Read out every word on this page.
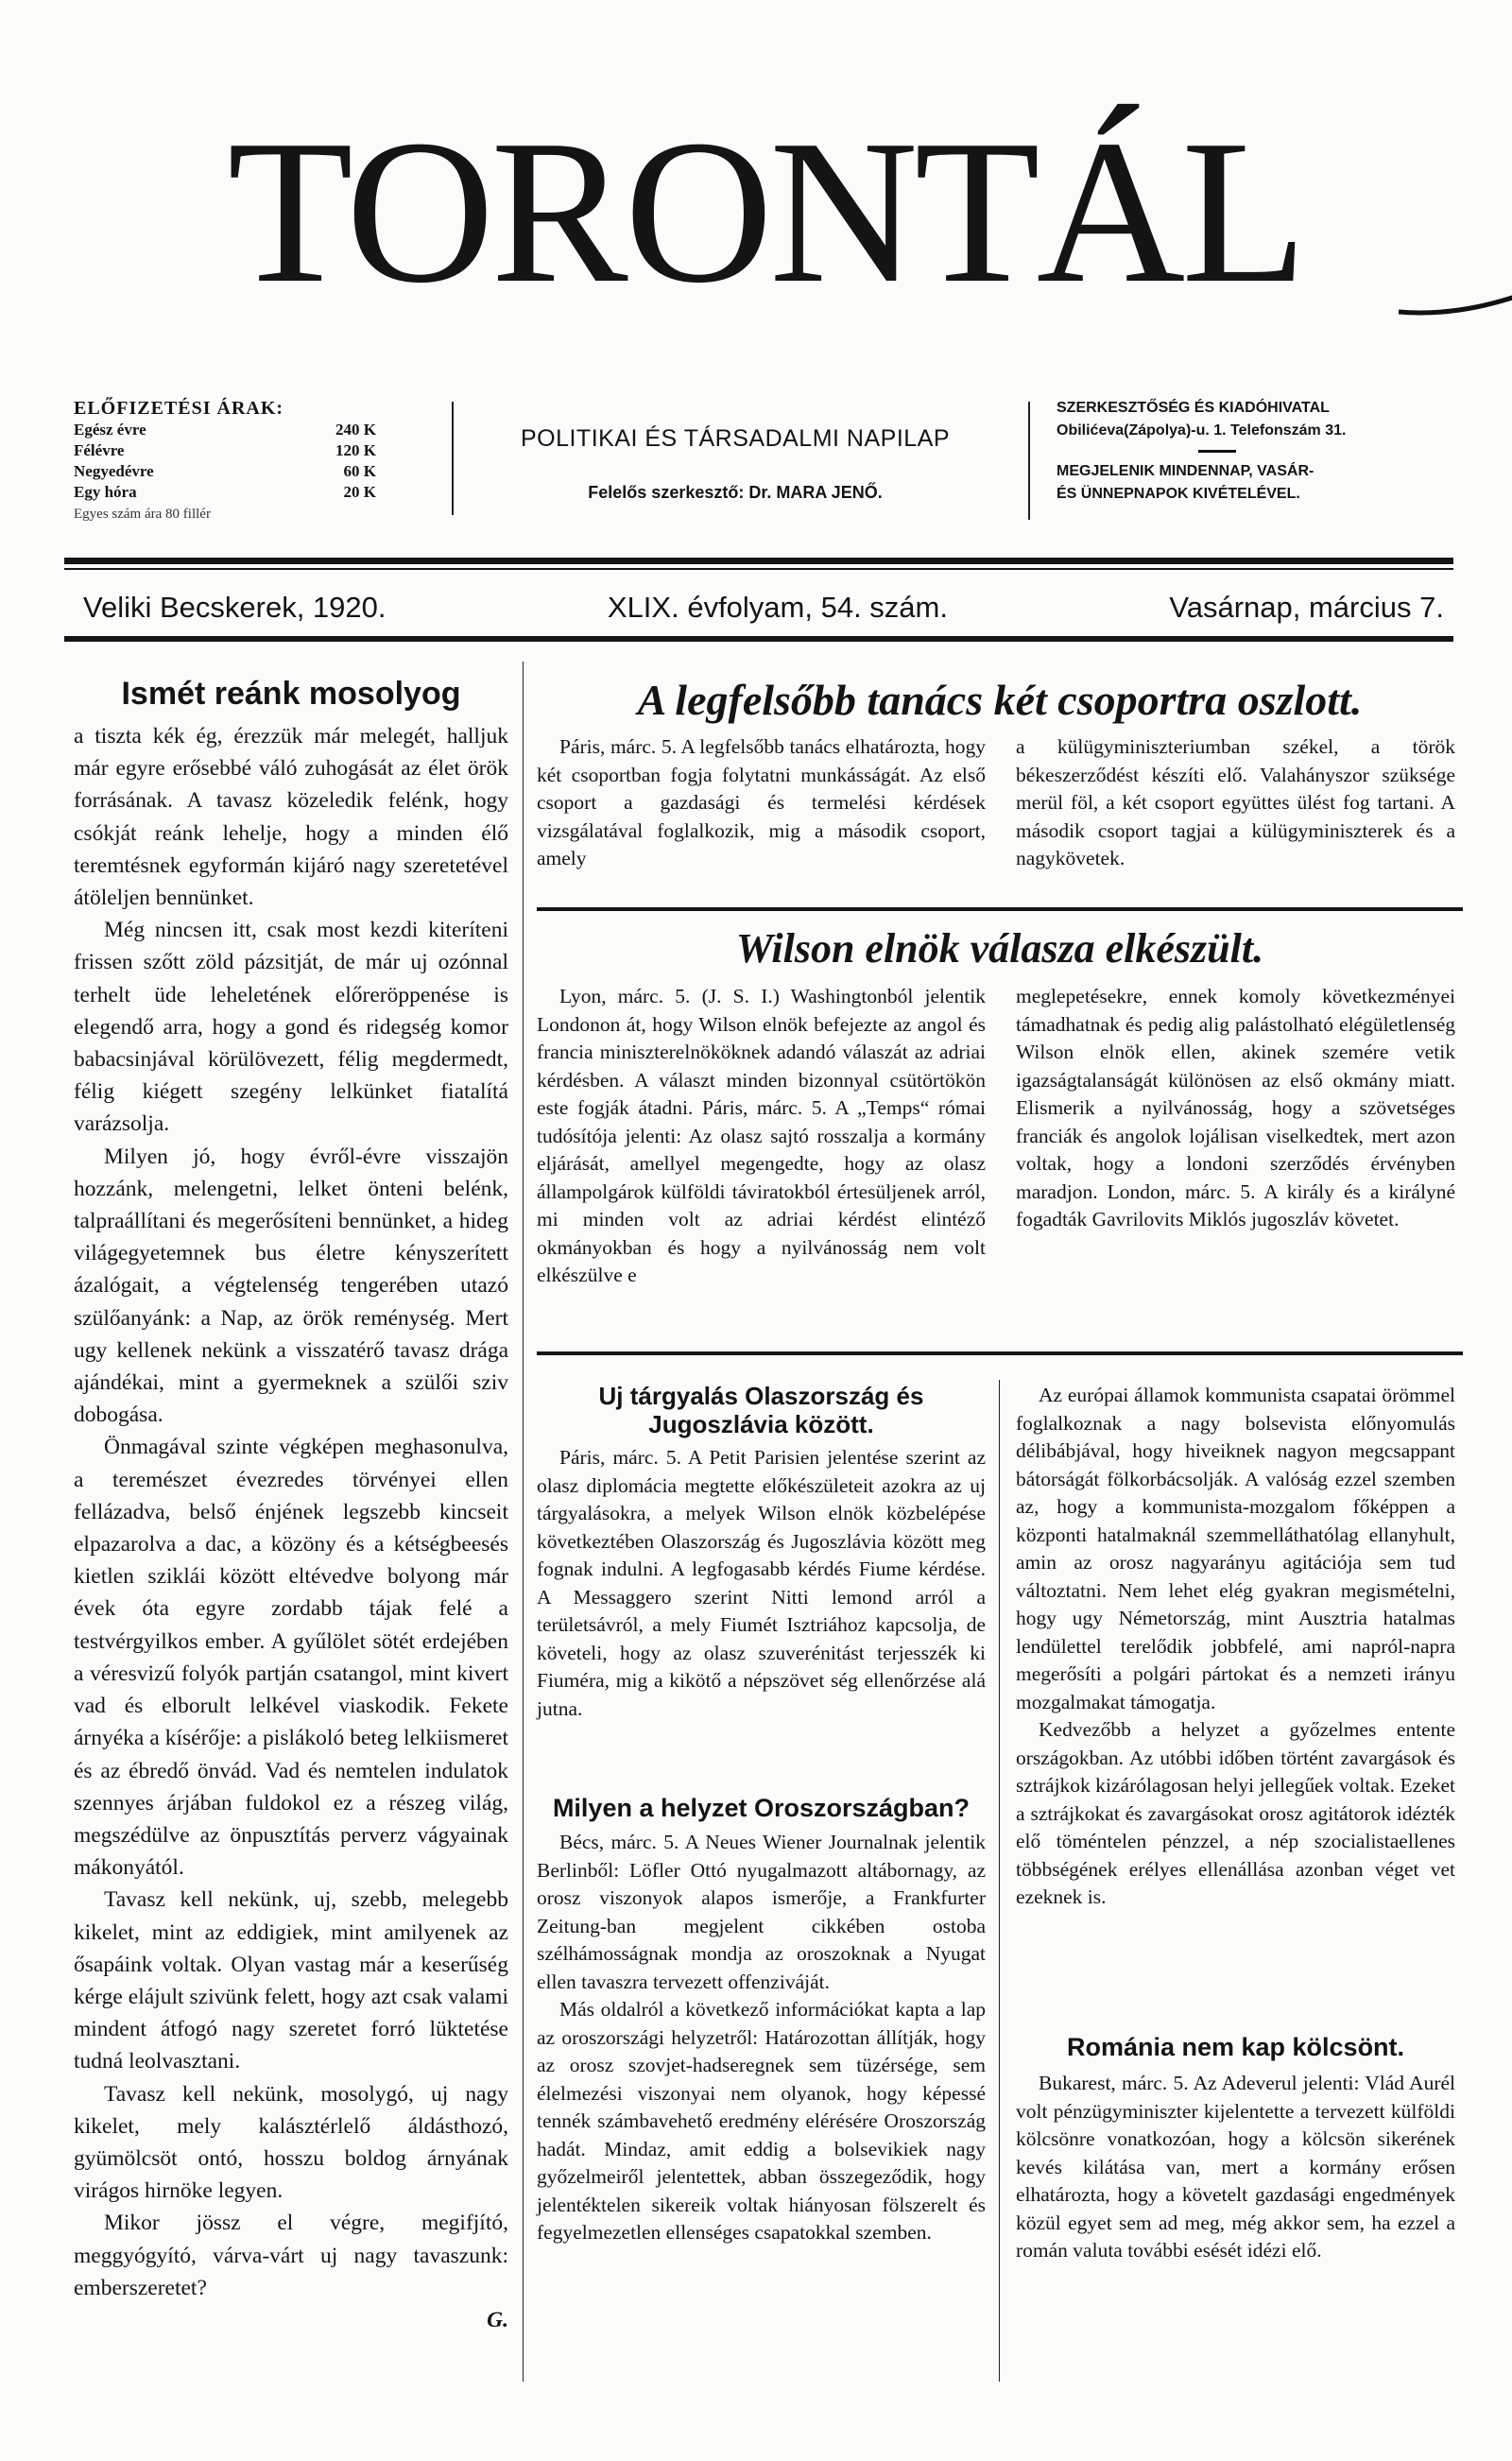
TORONTÁL
ELŐFIZETÉSI ÁRAK:
Egész évre	240 K
Félévre	120 K
Negyedévre	60 K
Egy hóra	20 K
Egyes szám ára 80 fillér
POLITIKAI ÉS TÁRSADALMI NAPILAP
Felelős szerkesztő: Dr. MARA JENŐ.
SZERKESZTŐSÉG ÉS KIADÓHIVATAL
Obilićeva(Zápolya)-u. 1. Telefonszám 31.
MEGJELENIK MINDENNAP, VASÁR-
ÉS ÜNNEPNAPOK KIVÉTELÉVEL.
Veliki Becskerek, 1920.	XLIX. évfolyam, 54. szám.	Vasárnap, március 7.
Ismét reánk mosolyog

a tiszta kék ég, érezzük már melegét, halljuk már egyre erősebbé váló zuhogását az élet örök forrásának. A tavasz közeledik felénk, hogy csókját reánk lehelje, hogy a minden élő teremtésnek egyformán kijáró nagy szeretetével átöleljen bennünket.

Még nincsen itt, csak most kezdi kiteríteni frissen szőtt zöld pázsitját, de már uj ozónnal terhelt üde leheletének előreröppenése is elegendő arra, hogy a gond és ridegség komor babacsinjával körülövezett, félig megdermedt, félig kiégett szegény lelkünket fiatalítá varázsolja.

Milyen jó, hogy évről-évre visszajön hozzánk, melengetni, lelket önteni belénk, talpraállítani és megerősíteni bennünket, a hideg világegyetemnek bus életre kényszerített ázalógait, a végtelenség tengerében utazó szülőanyánk: a Nap, az örök reménység. Mert ugy kellenek nekünk a visszatérő tavasz drága ajándékai, mint a gyermeknek a szülői sziv dobogása.

Önmagával szinte végképen meghasonulva, a teremészet évezredes törvényei ellen fellázadva, belső énjének legszebb kincseit elpazarolva a dac, a közöny és a kétségbeesés kietlen sziklái között eltévedve bolyong már évek óta egyre zordabb tájak felé a testvérgyilkos ember. A gyűlölet sötét erdejében a véresvizű folyók partján csatangol, mint kivert vad és elborult lelkével viaskodik. Fekete árnyéka a kísérője: a pislákoló beteg lelkiismeret és az ébredő önvád. Vad és nemtelen indulatok szennyes árjában fuldokol ez a részeg világ, megszédülve az önpusztítás perverz vágyainak mákonyától.

Tavasz kell nekünk, uj, szebb, melegebb kikelet, mint az eddigiek, mint amilyenek az ősapáink voltak. Olyan vastag már a keserűség kérge elájult szivünk felett, hogy azt csak valami mindent átfogó nagy szeretet forró lüktetése tudná leolvasztani.

Tavasz kell nekünk, mosolygó, uj nagy kikelet, mely kalásztérlelő áldásthozó, gyümölcsöt ontó, hosszu boldog árnyának virágos hirnöke legyen.

Mikor jössz el végre, megifjító, meggyógyító, várva-várt uj nagy tavaszunk: emberszeretet?

G.
A legfelsőbb tanács két csoportra oszlott.

Páris, márc. 5. A legfelsőbb tanács elhatározta, hogy két csoportban fogja folytatni munkásságát. Az első csoport a gazdasági és termelési kérdések vizsgálatával foglalkozik, mig a második csoport, amely

a külügyminiszteriumban székel, a török békeszerződést készíti elő. Valahányszor szüksége merül föl, a két csoport együttes ülést fog tartani. A második csoport tagjai a külügyminiszterek és a nagykövetek.

Wilson elnök válasza elkészült.

Lyon, márc. 5. (J. S. I.) Washingtonból jelentik Londonon át, hogy Wilson elnök befejezte az angol és francia miniszterelnököknek adandó válaszát az adriai kérdésben. A választ minden bizonnyal csütörtökön este fogják átadni. Páris, márc. 5. A „Temps“ római tudósítója jelenti: Az olasz sajtó rosszalja a kormány eljárását, amellyel megengedte, hogy az olasz állampolgárok külföldi táviratokból értesüljenek arról, mi minden volt az adriai kérdést elintéző okmányokban és hogy a nyilvánosság nem volt elkészülve e

meglepetésekre, ennek komoly következményei támadhatnak és pedig alig palástolható elégületlenség Wilson elnök ellen, akinek szemére vetik igazságtalanságát különösen az első okmány miatt. Elismerik a nyilvánosság, hogy a szövetséges franciák és angolok lojálisan viselkedtek, mert azon voltak, hogy a londoni szerződés érvényben maradjon. London, márc. 5. A király és a királyné fogadták Gavrilovits Miklós jugoszláv követet.

Uj tárgyalás Olaszország és Jugoszlávia között.

Páris, márc. 5. A Petit Parisien jelentése szerint az olasz diplomácia megtette előkészületeit azokra az uj tárgyalásokra, a melyek Wilson elnök közbelépése következtében Olaszország és Jugoszlávia között meg fognak indulni. A legfogasabb kérdés Fiume kérdése. A Messaggero szerint Nitti lemond arról a területsávról, a mely Fiumét Isztriához kapcsolja, de követeli, hogy az olasz szuverénitást terjesszék ki Fiuméra, mig a kikötő a népszövet ség ellenőrzése alá jutna.

Milyen a helyzet Oroszországban?

Bécs, márc. 5. A Neues Wiener Journalnak jelentik Berlinből: Löfler Ottó nyugalmazott altábornagy, az orosz viszonyok alapos ismerője, a Frankfurter Zeitung-ban megjelent cikkében ostoba szélhámosságnak mondja az oroszoknak a Nyugat ellen tavaszra tervezett offenziváját.

Más oldalról a következő információkat kapta a lap az oroszországi helyzetről: Határozottan állítják, hogy az orosz szovjet-hadseregnek sem tüzérsége, sem élelmezési viszonyai nem olyanok, hogy képessé tennék számbavehető eredmény elérésére Oroszország hadát. Mindaz, amit eddig a bolsevikiek nagy győzelmeiről jelentettek, abban összegeződik, hogy jelentéktelen sikereik voltak hiányosan fölszerelt és fegyelmezetlen ellenséges csapatokkal szemben.

Az európai államok kommunista csapatai örömmel foglalkoznak a nagy bolsevista előnyomulás délibábjával, hogy hiveiknek nagyon megcsappant bátorságát fölkorbácsolják. A valóság ezzel szemben az, hogy a kommunista-mozgalom főképpen a központi hatalmaknál szemmelláthatólag ellanyhult, amin az orosz nagyarányu agitációja sem tud változtatni. Nem lehet elég gyakran megismételni, hogy ugy Németország, mint Ausztria hatalmas lendülettel terelődik jobbfelé, ami napról-napra megerősíti a polgári pártokat és a nemzeti irányu mozgalmakat támogatja.

Kedvezőbb a helyzet a győzelmes entente országokban. Az utóbbi időben történt zavargások és sztrájkok kizárólagosan helyi jellegűek voltak. Ezeket a sztrájkokat és zavargásokat orosz agitátorok idézték elő töméntelen pénzzel, a nép szocialistaellenes többségének erélyes ellenállása azonban véget vet ezeknek is.

Románia nem kap kölcsönt.

Bukarest, márc. 5. Az Adeverul jelenti: Vlád Aurél volt pénzügyminiszter kijelentette a tervezett külföldi kölcsönre vonatkozóan, hogy a kölcsön sikerének kevés kilátása van, mert a kormány erősen elhatározta, hogy a követelt gazdasági engedmények közül egyet sem ad meg, még akkor sem, ha ezzel a román valuta további esését idézi elő.
